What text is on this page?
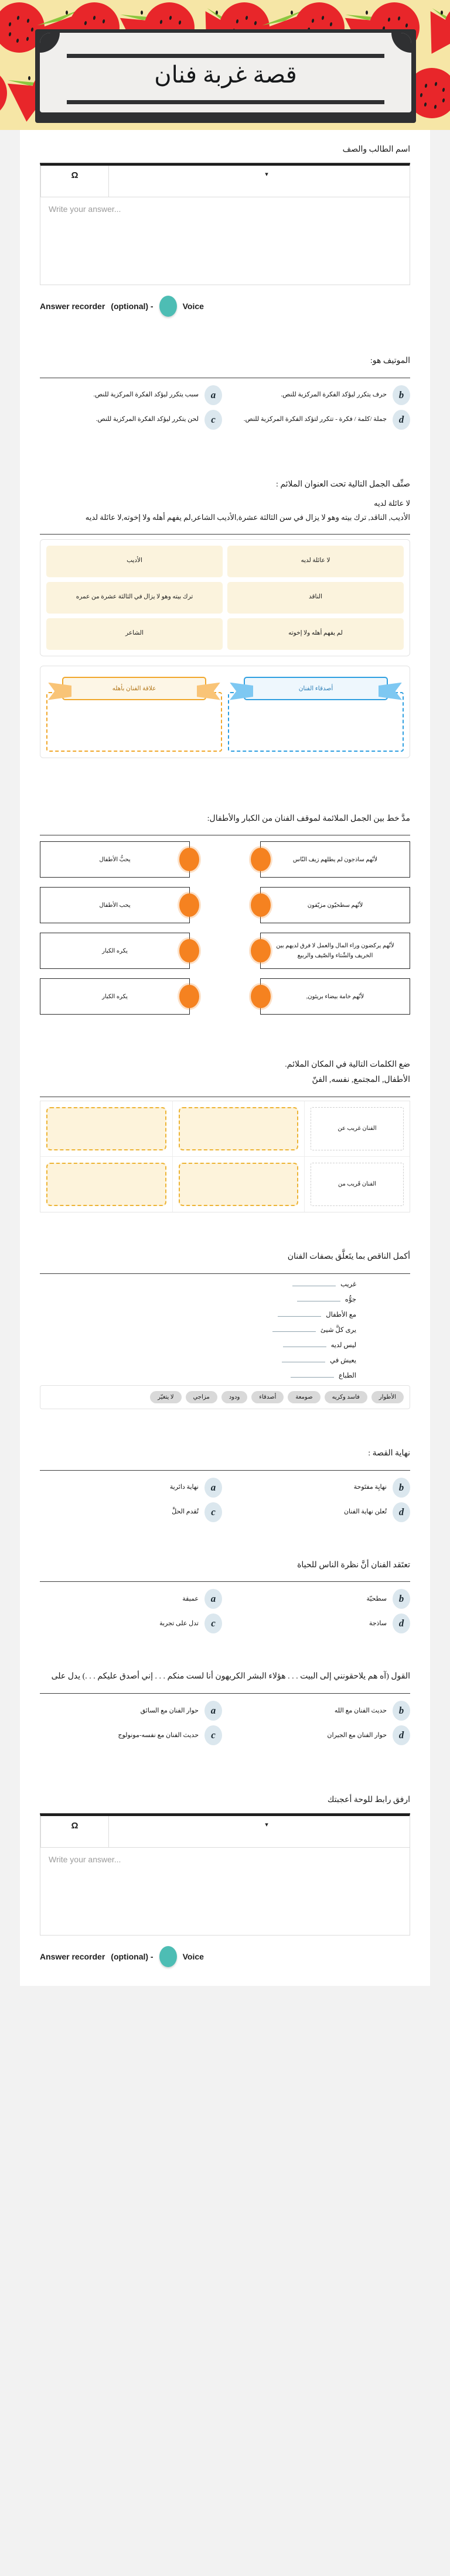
قصة غربة فنان
اسم الطالب والصف
Ω	▾
Write your answer...
Answer recorder (optional) -	Voice
الموتيف هو:
b
حرف يتكرر ليؤكد الفكرة المركزية للنص.
a
سبب يتكرر ليؤكد الفكرة المركزية للنص.
d
جملة /كلمة / فكرة - تتكرر لتؤكد الفكرة المركزية للنص.
c
لحن يتكرر ليؤكد الفكرة المركزية للنص.
صنِّف الجمل التالية تحت العنوان الملائم :
لا عائلة لديه
الأديب, الناقد, ترك بيته وهو لا يزال في سن الثالثة عشرة,الأديب الشاعر,لم يفهم أهله ولا إخوته,لا عائلة لديه
لا عائلة لديه
الأديب
الناقد
ترك بيته وهو لا يزال في الثالثة عشرة من عمره
لم يفهم أهله ولا إخوته
الشاعر
أصدقاء الفنان
علاقة الفنان بأهله
مدَّ خط بين الجمل الملائمة لموقف الفنان من الكبار والأطفال:
لأنّهم ساذجون لم يطلهم زيف النّاس
يحبُّ الأطفال
لأنّهم سطحيّون مزيّفون
يحب الأطفال
لأنّهم يركضون وراء المال والعمل لا فرق لديهم بين الخريف والشّتاء والصّيف والربيع
يكره الكبار
لأنّهم خامة بيضاء بريئون,
يكره الكبار
ضع الكلمات التالية في المكان الملائم.
الأطفال, المجتمع, نفسه, الفنّ
الفنان غريب عن
الفنان قَريب من
أكمل الناقص بما يتَعلَّق بصفات الفنان
غريب
جوُّه
مع الأطفال
يرى كلَّ شيئ
ليس لديه
يعيش في
الطباع
الأطوار
فاسد وكريه
صومعة
أصدقاء
ودود
مزاجي
لا يتغيّر
نهاية القصة :
b
نهايِة مفتَوحة
a
نهاية دائرية
d
تُعلن نهاية الفنان
c
تُقدم الحلَّ
تعتَقد الفنان أنَّ نظرة الناس للحياة
b
سطحيّة
a
عميقة
d
ساذجة
c
تدل على تجربة
القول (آه هم يلاحقونني إلى البيت . . . هؤلاء البشر الكريهون أنا لست منكم . . . إني أصدق عليكم . . .) يدل على
b
حديث الفنان مع الله
a
حوار الفنان مع السائق
d
حوار الفنان مع الجيران
c
حديث الفنان مع نفسه-مونولوج
ارفق رابط للوحة أعجبتك
Ω	▾
Write your answer...
Answer recorder (optional) -	Voice
